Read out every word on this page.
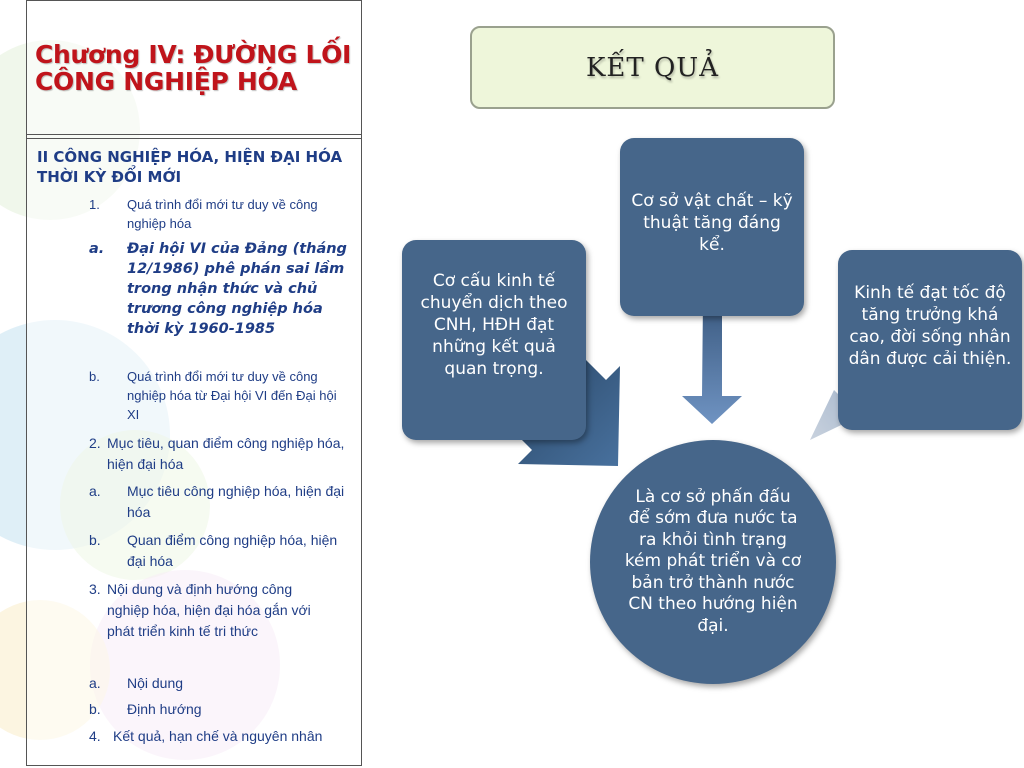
Chương IV: ĐƯỜNG LỐI CÔNG NGHIỆP HÓA
II CÔNG NGHIỆP HÓA, HIỆN ĐẠI HÓA THỜI KỲ ĐỔI MỚI
1. Quá trình đổi mới tư duy về công nghiệp hóa
a. Đại hội VI của Đảng (tháng 12/1986) phê phán sai lầm trong nhận thức và chủ trương công nghiệp hóa thời kỳ 1960-1985
b. Quá trình đổi mới tư duy về công nghiệp hóa từ Đại hội VI đến Đại hội XI
2. Mục tiêu, quan điểm công nghiệp hóa, hiện đại hóa
a. Mục tiêu công nghiệp hóa, hiện đại hóa
b. Quan điểm công nghiệp hóa, hiện đại hóa
3. Nội dung và định hướng công nghiệp hóa, hiện đại hóa gắn với phát triển kinh tế tri thức
a. Nội dung
b. Định hướng
4. Kết quả, hạn chế và nguyên nhân
KẾT QUẢ
Cơ cấu kinh tế chuyển dịch theo CNH, HĐH đạt những kết quả quan trọng.
Cơ sở vật chất – kỹ thuật tăng đáng kể.
Kinh tế đạt tốc độ tăng trưởng khá cao, đời sống nhân dân được cải thiện.
Là cơ sở phấn đấu để sớm đưa nước ta ra khỏi tình trạng kém phát triển và cơ bản trở thành nước CN theo hướng hiện đại.
